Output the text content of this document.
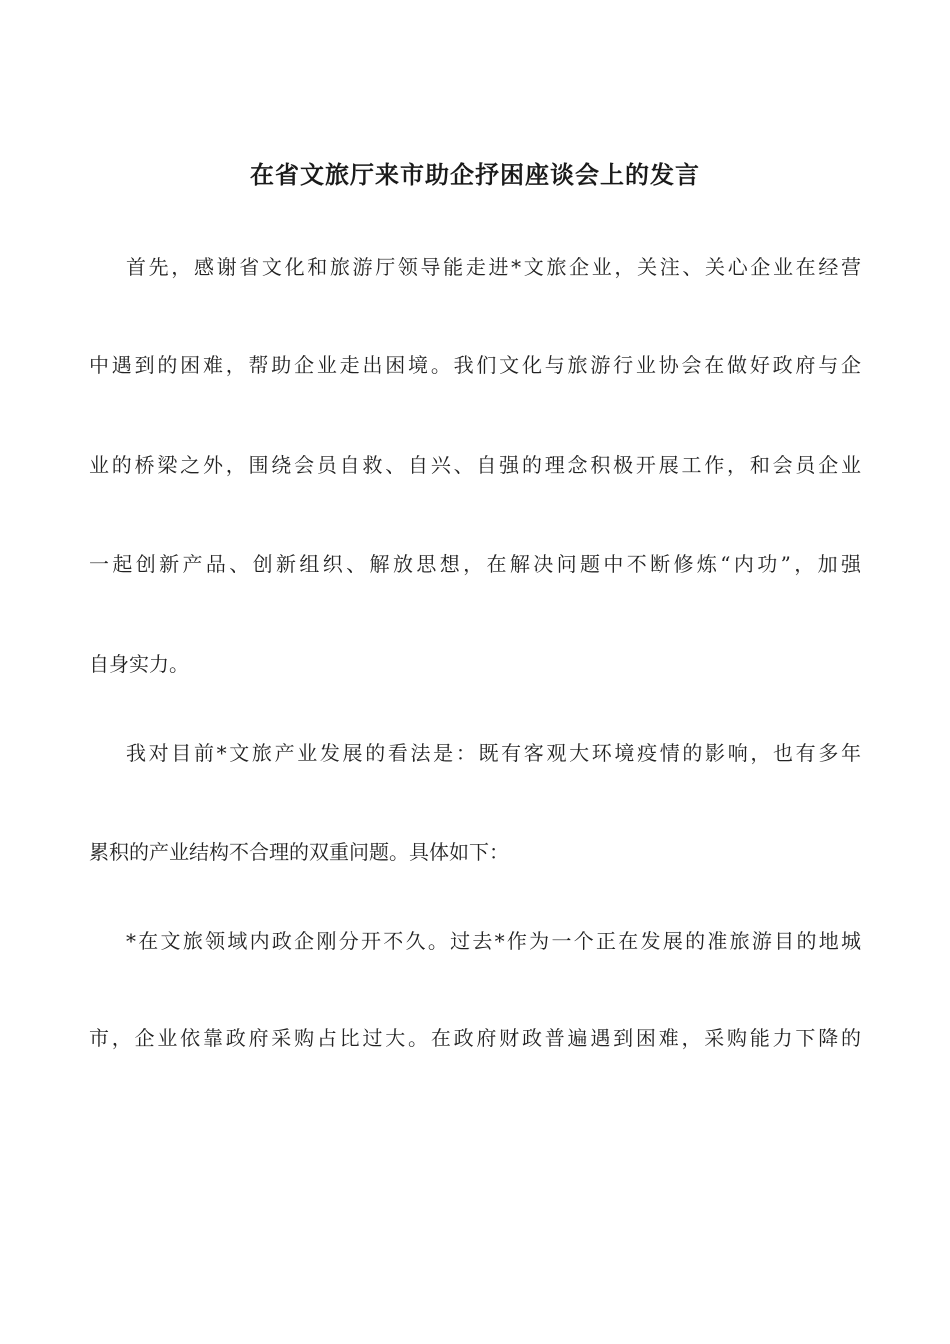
在省文旅厅来市助企抒困座谈会上的发言
首先，感谢省文化和旅游厅领导能走进*文旅企业，关注、关心企业在经营
中遇到的困难，帮助企业走出困境。我们文化与旅游行业协会在做好政府与企
业的桥梁之外，围绕会员自救、自兴、自强的理念积极开展工作，和会员企业
一起创新产品、创新组织、解放思想，在解决问题中不断修炼“内功”，加强
自身实力。
我对目前*文旅产业发展的看法是：既有客观大环境疫情的影响，也有多年
累积的产业结构不合理的双重问题。具体如下：
*在文旅领域内政企刚分开不久。过去*作为一个正在发展的准旅游目的地城
市，企业依靠政府采购占比过大。在政府财政普遍遇到困难，采购能力下降的
